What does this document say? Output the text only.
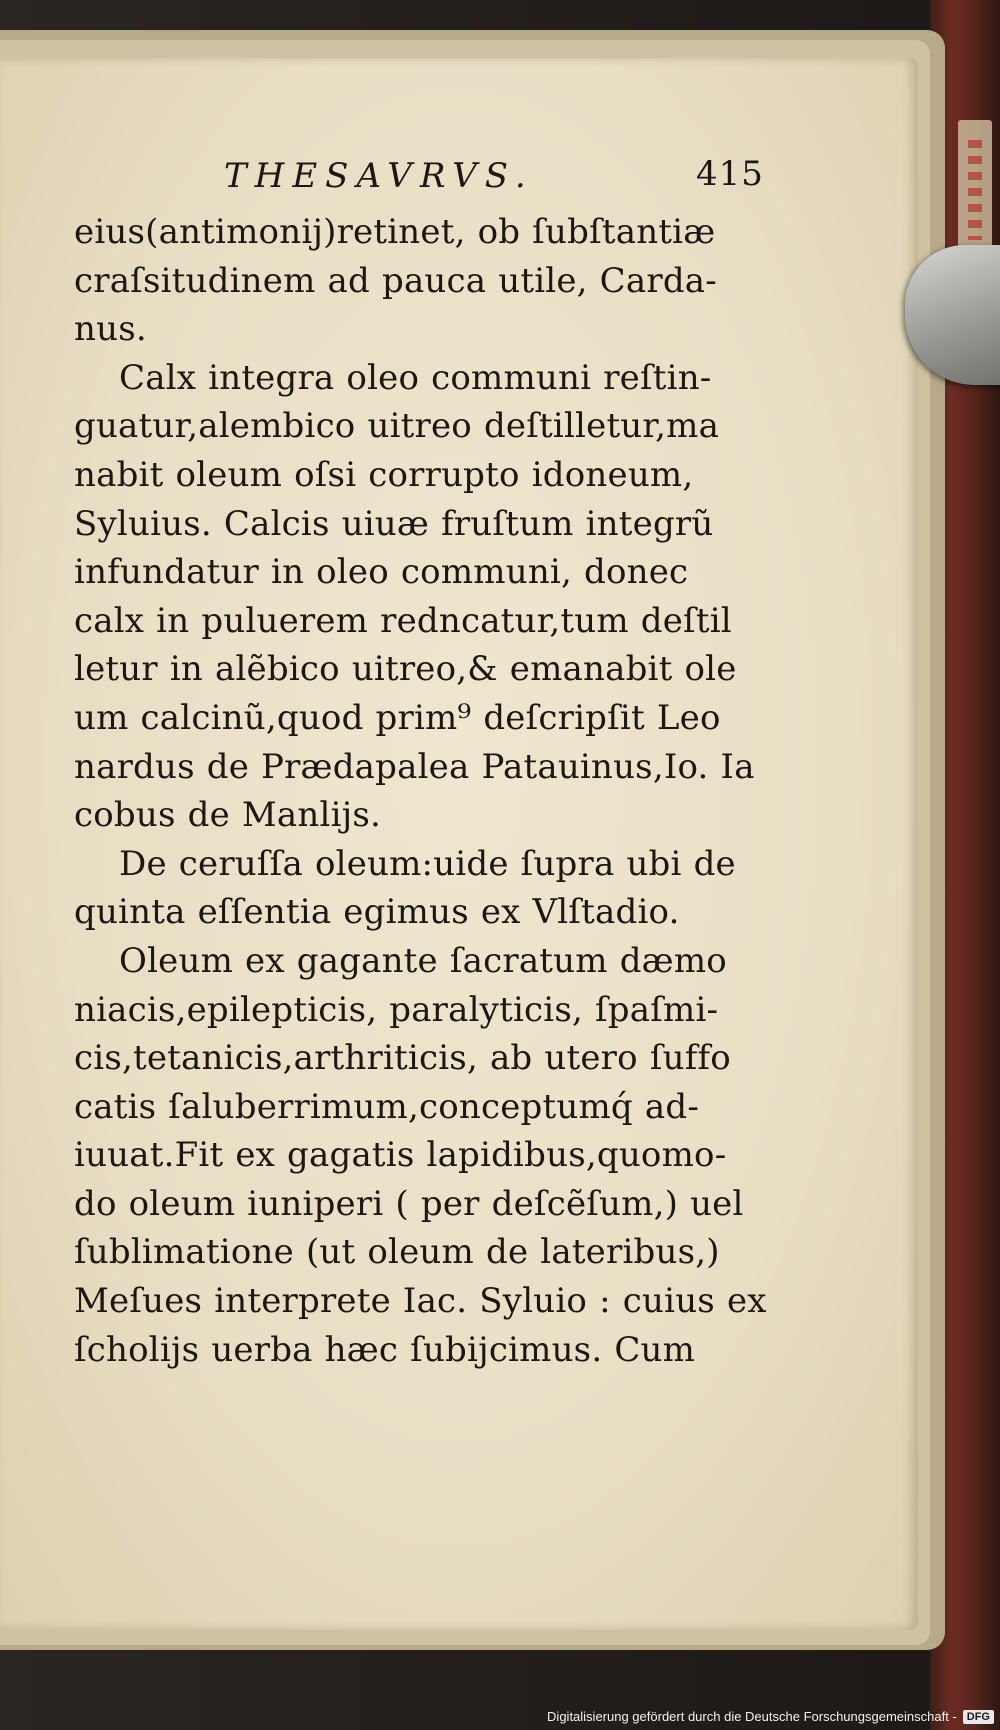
THESAVRVS.	415
eius(antimonij)retinet, ob ſubſtantiæ
craſsitudinem ad pauca utile, Carda-
nus.
Calx integra oleo communi reſtin-
guatur,alembico uitreo deſtilletur,ma
nabit oleum oſsi corrupto idoneum,
Syluius. Calcis uiuæ fruſtum integrũ
infundatur in oleo communi, donec
calx in puluerem redncatur,tum deſtil
letur in alẽbico uitreo,& emanabit ole
um calcinũ,quod prim⁹ deſcripſit Leo
nardus de Prædapalea Patauinus,Io. Ia
cobus de Manlijs.
De ceruſſa oleum:uide ſupra ubi de
quinta eſſentia egimus ex Vlſtadio.
Oleum ex gagante ſacratum dæmo
niacis,epilepticis, paralyticis, ſpaſmi-
cis,tetanicis,arthriticis, ab utero ſuffo
catis ſaluberrimum,conceptumq́ ad-
iuuat.Fit ex gagatis lapidibus,quomo-
do oleum iuniperi ( per deſcẽſum,) uel
ſublimatione (ut oleum de lateribus,)
Meſues interprete Iac. Syluio : cuius ex
ſcholijs uerba hæc ſubijcimus. Cum
Digitalisierung gefördert durch die Deutsche Forschungsgemeinschaft - DFG
